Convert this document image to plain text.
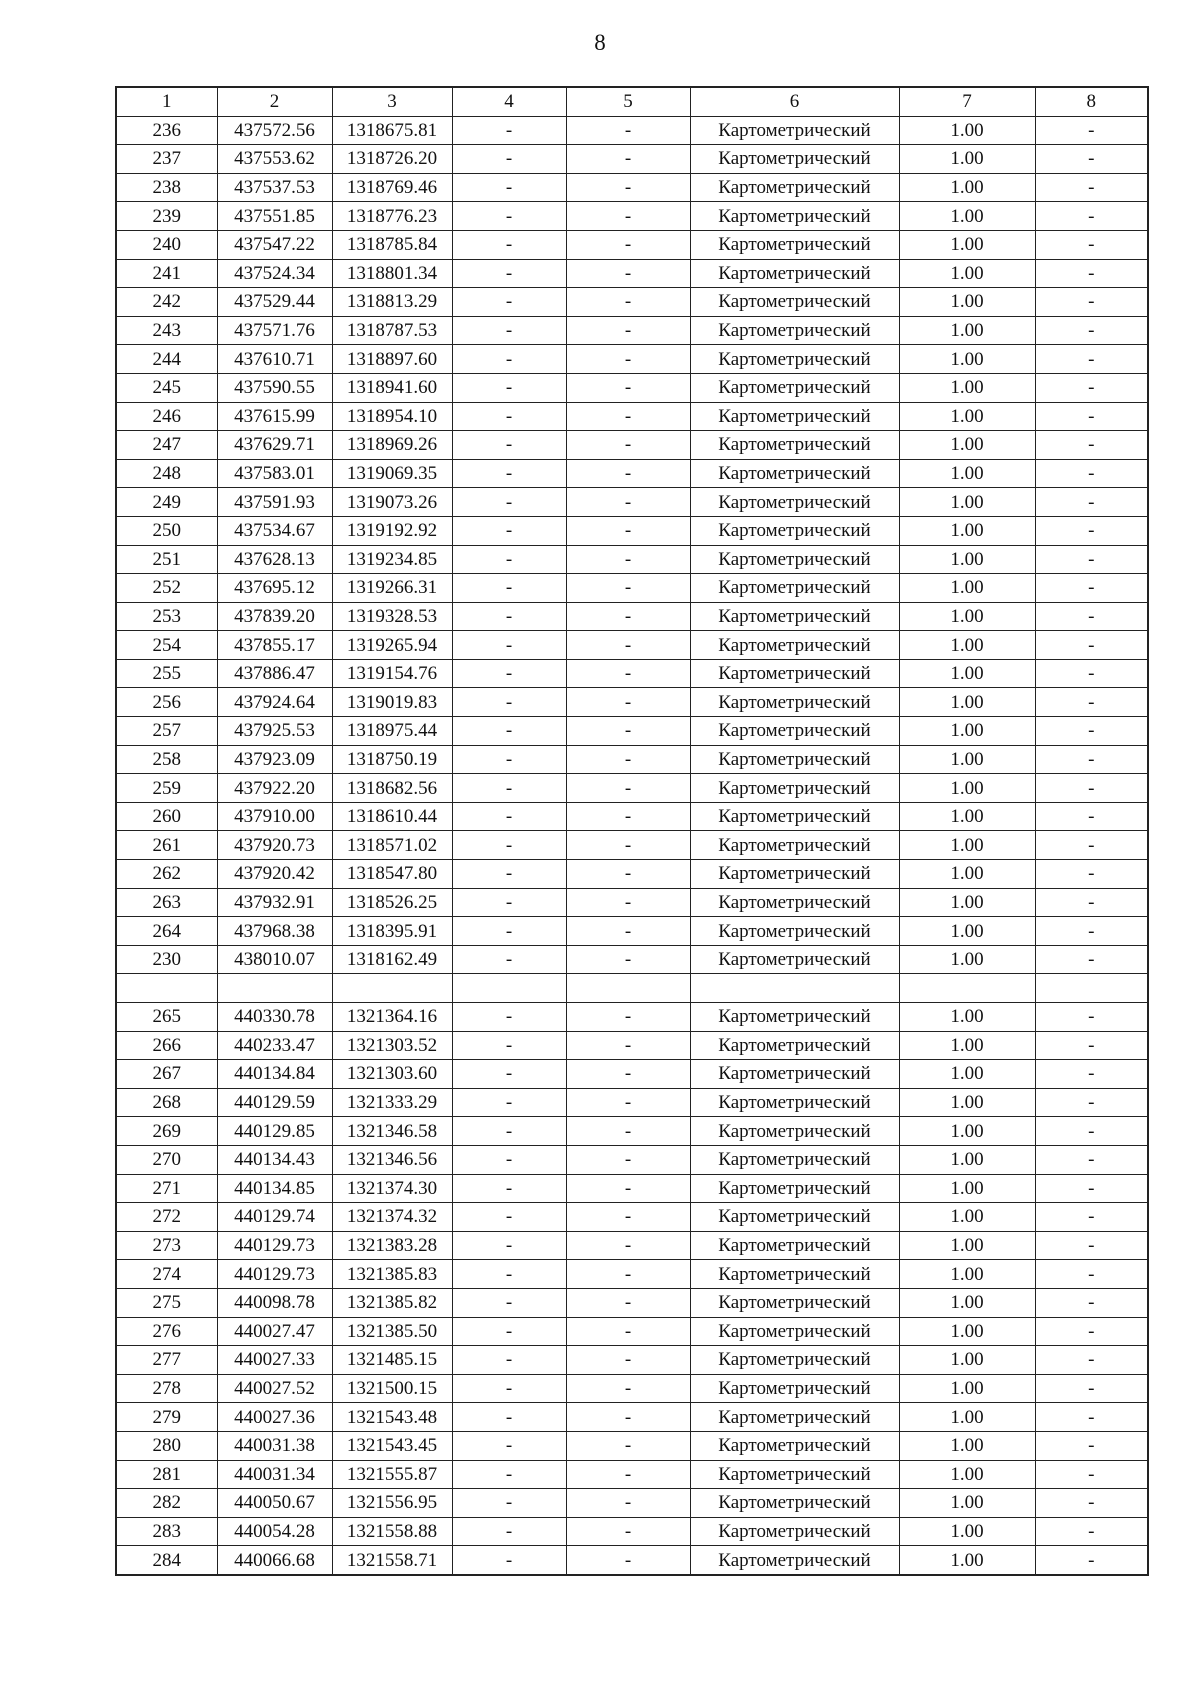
8
1	2	3	4	5	6	7	8
236	437572.56	1318675.81	-	-	Картометрический	1.00	-
237	437553.62	1318726.20	-	-	Картометрический	1.00	-
238	437537.53	1318769.46	-	-	Картометрический	1.00	-
239	437551.85	1318776.23	-	-	Картометрический	1.00	-
240	437547.22	1318785.84	-	-	Картометрический	1.00	-
241	437524.34	1318801.34	-	-	Картометрический	1.00	-
242	437529.44	1318813.29	-	-	Картометрический	1.00	-
243	437571.76	1318787.53	-	-	Картометрический	1.00	-
244	437610.71	1318897.60	-	-	Картометрический	1.00	-
245	437590.55	1318941.60	-	-	Картометрический	1.00	-
246	437615.99	1318954.10	-	-	Картометрический	1.00	-
247	437629.71	1318969.26	-	-	Картометрический	1.00	-
248	437583.01	1319069.35	-	-	Картометрический	1.00	-
249	437591.93	1319073.26	-	-	Картометрический	1.00	-
250	437534.67	1319192.92	-	-	Картометрический	1.00	-
251	437628.13	1319234.85	-	-	Картометрический	1.00	-
252	437695.12	1319266.31	-	-	Картометрический	1.00	-
253	437839.20	1319328.53	-	-	Картометрический	1.00	-
254	437855.17	1319265.94	-	-	Картометрический	1.00	-
255	437886.47	1319154.76	-	-	Картометрический	1.00	-
256	437924.64	1319019.83	-	-	Картометрический	1.00	-
257	437925.53	1318975.44	-	-	Картометрический	1.00	-
258	437923.09	1318750.19	-	-	Картометрический	1.00	-
259	437922.20	1318682.56	-	-	Картометрический	1.00	-
260	437910.00	1318610.44	-	-	Картометрический	1.00	-
261	437920.73	1318571.02	-	-	Картометрический	1.00	-
262	437920.42	1318547.80	-	-	Картометрический	1.00	-
263	437932.91	1318526.25	-	-	Картометрический	1.00	-
264	437968.38	1318395.91	-	-	Картометрический	1.00	-
230	438010.07	1318162.49	-	-	Картометрический	1.00	-

265	440330.78	1321364.16	-	-	Картометрический	1.00	-
266	440233.47	1321303.52	-	-	Картометрический	1.00	-
267	440134.84	1321303.60	-	-	Картометрический	1.00	-
268	440129.59	1321333.29	-	-	Картометрический	1.00	-
269	440129.85	1321346.58	-	-	Картометрический	1.00	-
270	440134.43	1321346.56	-	-	Картометрический	1.00	-
271	440134.85	1321374.30	-	-	Картометрический	1.00	-
272	440129.74	1321374.32	-	-	Картометрический	1.00	-
273	440129.73	1321383.28	-	-	Картометрический	1.00	-
274	440129.73	1321385.83	-	-	Картометрический	1.00	-
275	440098.78	1321385.82	-	-	Картометрический	1.00	-
276	440027.47	1321385.50	-	-	Картометрический	1.00	-
277	440027.33	1321485.15	-	-	Картометрический	1.00	-
278	440027.52	1321500.15	-	-	Картометрический	1.00	-
279	440027.36	1321543.48	-	-	Картометрический	1.00	-
280	440031.38	1321543.45	-	-	Картометрический	1.00	-
281	440031.34	1321555.87	-	-	Картометрический	1.00	-
282	440050.67	1321556.95	-	-	Картометрический	1.00	-
283	440054.28	1321558.88	-	-	Картометрический	1.00	-
284	440066.68	1321558.71	-	-	Картометрический	1.00	-
